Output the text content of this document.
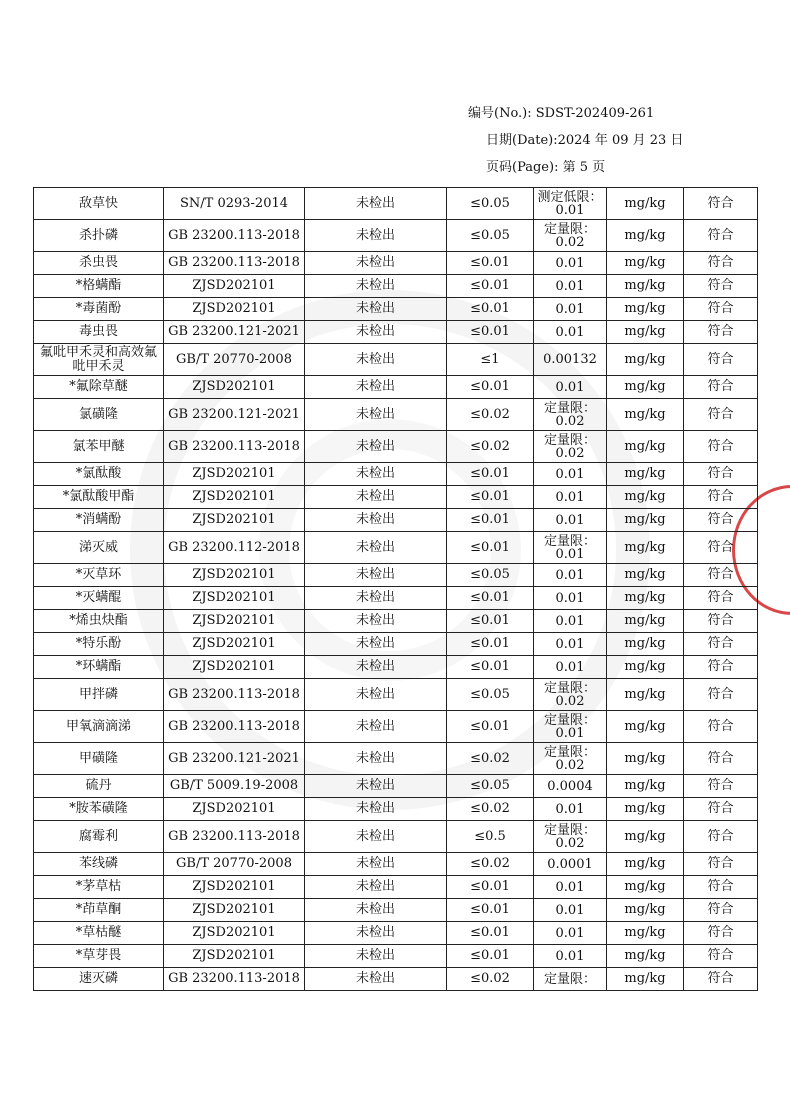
编号(No.): SDST-202409-261
日期(Date):2024 年 09 月 23 日
页码(Page): 第 5 页
敌草快	SN/T 0293-2014	未检出	≤0.05	测定低限：0.01	mg/kg	符合
杀扑磷	GB 23200.113-2018	未检出	≤0.05	定量限：0.02	mg/kg	符合
杀虫畏	GB 23200.113-2018	未检出	≤0.01	0.01	mg/kg	符合
*格螨酯	ZJSD202101	未检出	≤0.01	0.01	mg/kg	符合
*毒菌酚	ZJSD202101	未检出	≤0.01	0.01	mg/kg	符合
毒虫畏	GB 23200.121-2021	未检出	≤0.01	0.01	mg/kg	符合
氟吡甲禾灵和高效氟吡甲禾灵	GB/T 20770-2008	未检出	≤1	0.00132	mg/kg	符合
*氟除草醚	ZJSD202101	未检出	≤0.01	0.01	mg/kg	符合
氯磺隆	GB 23200.121-2021	未检出	≤0.02	定量限：0.02	mg/kg	符合
氯苯甲醚	GB 23200.113-2018	未检出	≤0.02	定量限：0.02	mg/kg	符合
*氯酞酸	ZJSD202101	未检出	≤0.01	0.01	mg/kg	符合
*氯酞酸甲酯	ZJSD202101	未检出	≤0.01	0.01	mg/kg	符合
*消螨酚	ZJSD202101	未检出	≤0.01	0.01	mg/kg	符合
涕灭威	GB 23200.112-2018	未检出	≤0.01	定量限：0.01	mg/kg	符合
*灭草环	ZJSD202101	未检出	≤0.05	0.01	mg/kg	符合
*灭螨醌	ZJSD202101	未检出	≤0.01	0.01	mg/kg	符合
*烯虫炔酯	ZJSD202101	未检出	≤0.01	0.01	mg/kg	符合
*特乐酚	ZJSD202101	未检出	≤0.01	0.01	mg/kg	符合
*环螨酯	ZJSD202101	未检出	≤0.01	0.01	mg/kg	符合
甲拌磷	GB 23200.113-2018	未检出	≤0.05	定量限：0.02	mg/kg	符合
甲氧滴滴涕	GB 23200.113-2018	未检出	≤0.01	定量限：0.01	mg/kg	符合
甲磺隆	GB 23200.121-2021	未检出	≤0.02	定量限：0.02	mg/kg	符合
硫丹	GB/T 5009.19-2008	未检出	≤0.05	0.0004	mg/kg	符合
*胺苯磺隆	ZJSD202101	未检出	≤0.02	0.01	mg/kg	符合
腐霉利	GB 23200.113-2018	未检出	≤0.5	定量限：0.02	mg/kg	符合
苯线磷	GB/T 20770-2008	未检出	≤0.02	0.0001	mg/kg	符合
*茅草枯	ZJSD202101	未检出	≤0.01	0.01	mg/kg	符合
*茚草酮	ZJSD202101	未检出	≤0.01	0.01	mg/kg	符合
*草枯醚	ZJSD202101	未检出	≤0.01	0.01	mg/kg	符合
*草芽畏	ZJSD202101	未检出	≤0.01	0.01	mg/kg	符合
速灭磷	GB 23200.113-2018	未检出	≤0.02	定量限：	mg/kg	符合
